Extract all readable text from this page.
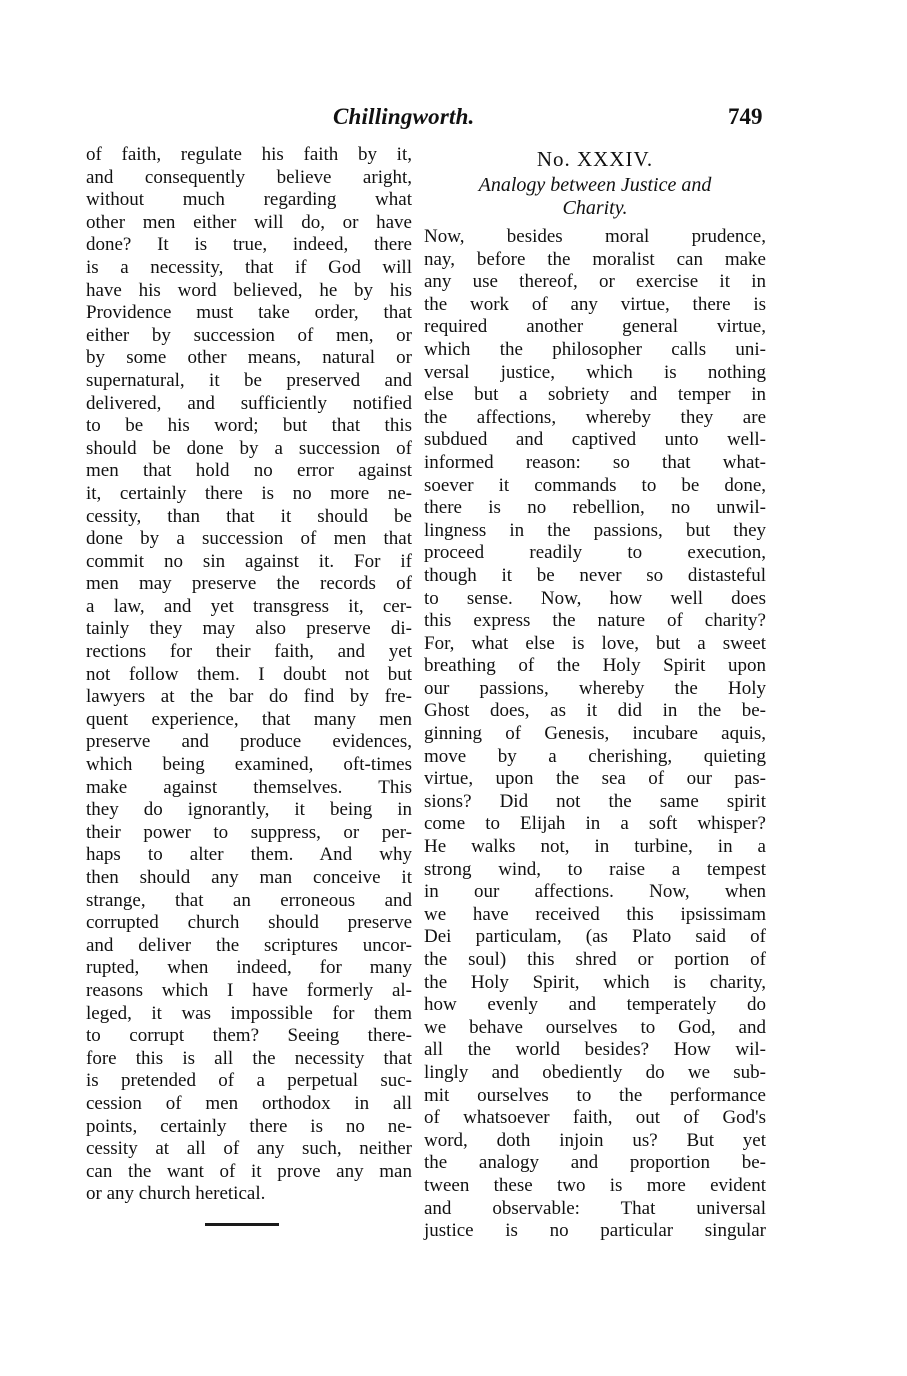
Chillingworth.	749
of faith, regulate his faith by it,
and consequently believe aright,
without much regarding what
other men either will do, or have
done? It is true, indeed, there
is a necessity, that if God will
have his word believed, he by his
Providence must take order, that
either by succession of men, or
by some other means, natural or
supernatural, it be preserved and
delivered, and sufficiently notified
to be his word; but that this
should be done by a succession of
men that hold no error against
it, certainly there is no more ne-
cessity, than that it should be
done by a succession of men that
commit no sin against it. For if
men may preserve the records of
a law, and yet transgress it, cer-
tainly they may also preserve di-
rections for their faith, and yet
not follow them. I doubt not but
lawyers at the bar do find by fre-
quent experience, that many men
preserve and produce evidences,
which being examined, oft-times
make against themselves. This
they do ignorantly, it being in
their power to suppress, or per-
haps to alter them. And why
then should any man conceive it
strange, that an erroneous and
corrupted church should preserve
and deliver the scriptures uncor-
rupted, when indeed, for many
reasons which I have formerly al-
leged, it was impossible for them
to corrupt them? Seeing there-
fore this is all the necessity that
is pretended of a perpetual suc-
cession of men orthodox in all
points, certainly there is no ne-
cessity at all of any such, neither
can the want of it prove any man
or any church heretical.
No. XXXIV.
Analogy between Justice and
Charity.
Now, besides moral prudence,
nay, before the moralist can make
any use thereof, or exercise it in
the work of any virtue, there is
required another general virtue,
which the philosopher calls uni-
versal justice, which is nothing
else but a sobriety and temper in
the affections, whereby they are
subdued and captived unto well-
informed reason: so that what-
soever it commands to be done,
there is no rebellion, no unwil-
lingness in the passions, but they
proceed readily to execution,
though it be never so distasteful
to sense. Now, how well does
this express the nature of charity?
For, what else is love, but a sweet
breathing of the Holy Spirit upon
our passions, whereby the Holy
Ghost does, as it did in the be-
ginning of Genesis, incubare aquis,
move by a cherishing, quieting
virtue, upon the sea of our pas-
sions? Did not the same spirit
come to Elijah in a soft whisper?
He walks not, in turbine, in a
strong wind, to raise a tempest
in our affections. Now, when
we have received this ipsissimam
Dei particulam, (as Plato said of
the soul) this shred or portion of
the Holy Spirit, which is charity,
how evenly and temperately do
we behave ourselves to God, and
all the world besides? How wil-
lingly and obediently do we sub-
mit ourselves to the performance
of whatsoever faith, out of God's
word, doth injoin us? But yet
the analogy and proportion be-
tween these two is more evident
and observable: That universal
justice is no particular singular
